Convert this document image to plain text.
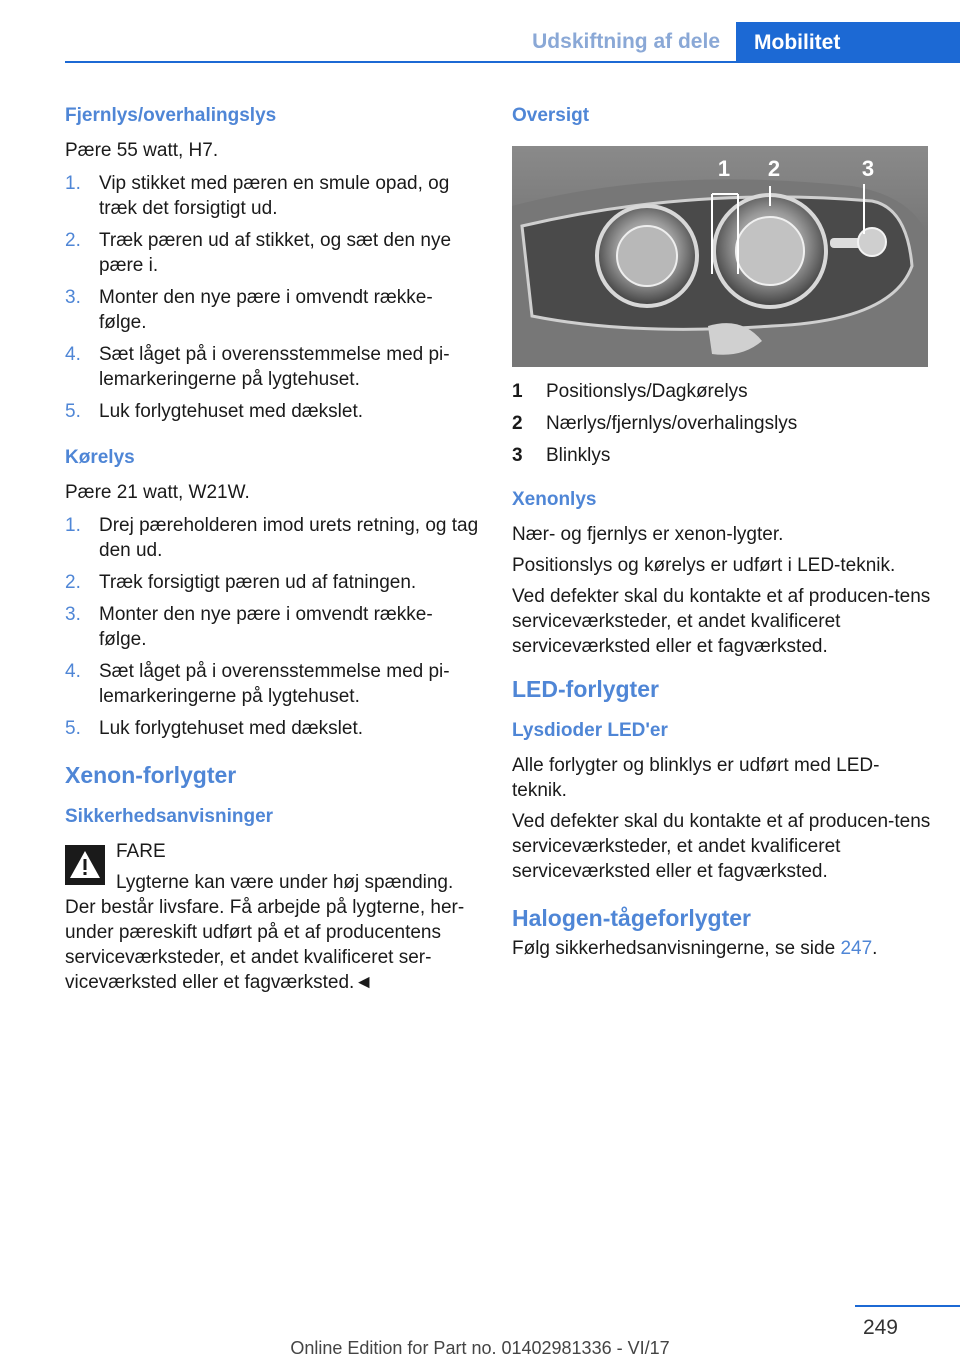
Udskiftning af dele	Mobilitet
Fjernlys/overhalingslys

Pære 55 watt, H7.

1. Vip stikket med pæren en smule opad, og træk det forsigtigt ud.
2. Træk pæren ud af stikket, og sæt den nye pære i.
3. Monter den nye pære i omvendt række-følge.
4. Sæt låget på i overensstemmelse med pi-lemarkeringerne på lygtehuset.
5. Luk forlygtehuset med dækslet.
Kørelys

Pære 21 watt, W21W.

1. Drej pæreholderen imod urets retning, og tag den ud.
2. Træk forsigtigt pæren ud af fatningen.
3. Monter den nye pære i omvendt række-følge.
4. Sæt låget på i overensstemmelse med pi-lemarkeringerne på lygtehuset.
5. Luk forlygtehuset med dækslet.
Xenon-forlygter
Sikkerhedsanvisninger

FARE

Lygterne kan være under høj spænding.

Der består livsfare. Få arbejde på lygterne, her-under pæreskift udført på et af producentens serviceværksteder, et andet kvalificeret ser-viceværksted eller et fagværksted.◄

Oversigt
1 2	3
1	Positionslys/Dagkørelys
2	Nærlys/fjernlys/overhalingslys
3	Blinklys
Xenonlys

Nær- og fjernlys er xenon-lygter.

Positionslys og kørelys er udført i LED-teknik.

Ved defekter skal du kontakte et af producen-tens serviceværksteder, et andet kvalificeret serviceværksted eller et fagværksted.

LED-forlygter
Lysdioder LED'er

Alle forlygter og blinklys er udført med LED-teknik.

Ved defekter skal du kontakte et af producen-tens serviceværksteder, et andet kvalificeret serviceværksted eller et fagværksted.

Halogen-tågeforlygter

Følg sikkerhedsanvisningerne, se side 247.

249
Online Edition for Part no. 01402981336 - VI/17
